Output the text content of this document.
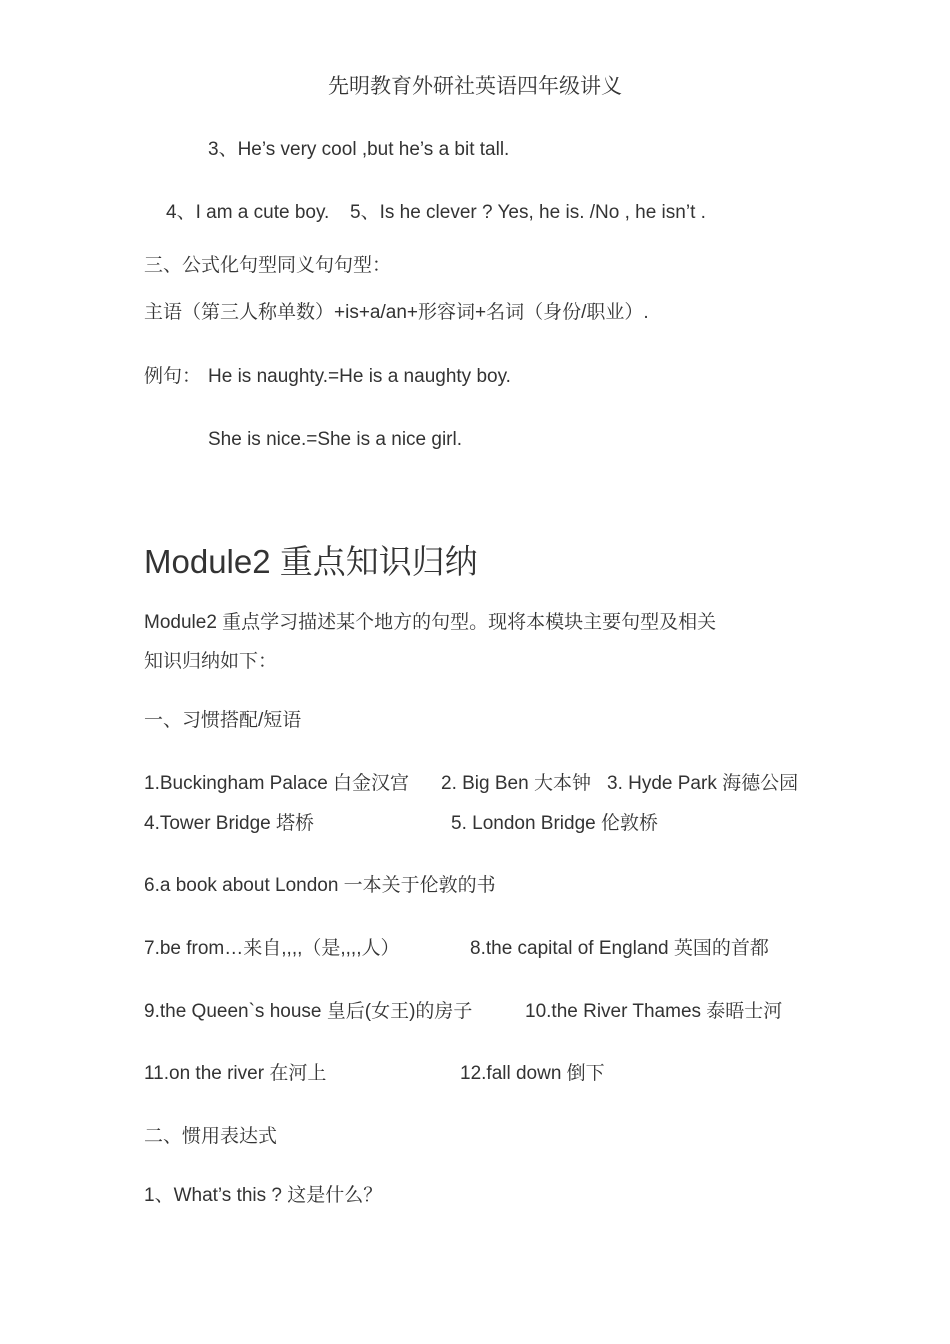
先明教育外研社英语四年级讲义
3、He’s very cool ,but he’s a bit tall.
4、I am a cute boy. 5、Is he clever ? Yes, he is. /No , he isn’t .
三、公式化句型同义句句型：
主语（第三人称单数）+is+a/an+形容词+名词（身份/职业）.
例句： He is naughty.=He is a naughty boy.
She is nice.=She is a nice girl.
Module2 重点知识归纳
Module2 重点学习描述某个地方的句型。现将本模块主要句型及相关
知识归纳如下：
一、习惯搭配/短语
1.Buckingham Palace 白金汉宫 2. Big Ben 大本钟 3. Hyde Park 海德公园
4.Tower Bridge 塔桥	5. London Bridge 伦敦桥
6.a book about London 一本关于伦敦的书
7.be from…来自,,,,（是,,,,人）	8.the capital of England 英国的首都
9.the Queen`s house 皇后(女王)的房子	10.the River Thames 泰晤士河
11.on the river 在河上	12.fall down 倒下
二、惯用表达式
1、What’s this ? 这是什么？
